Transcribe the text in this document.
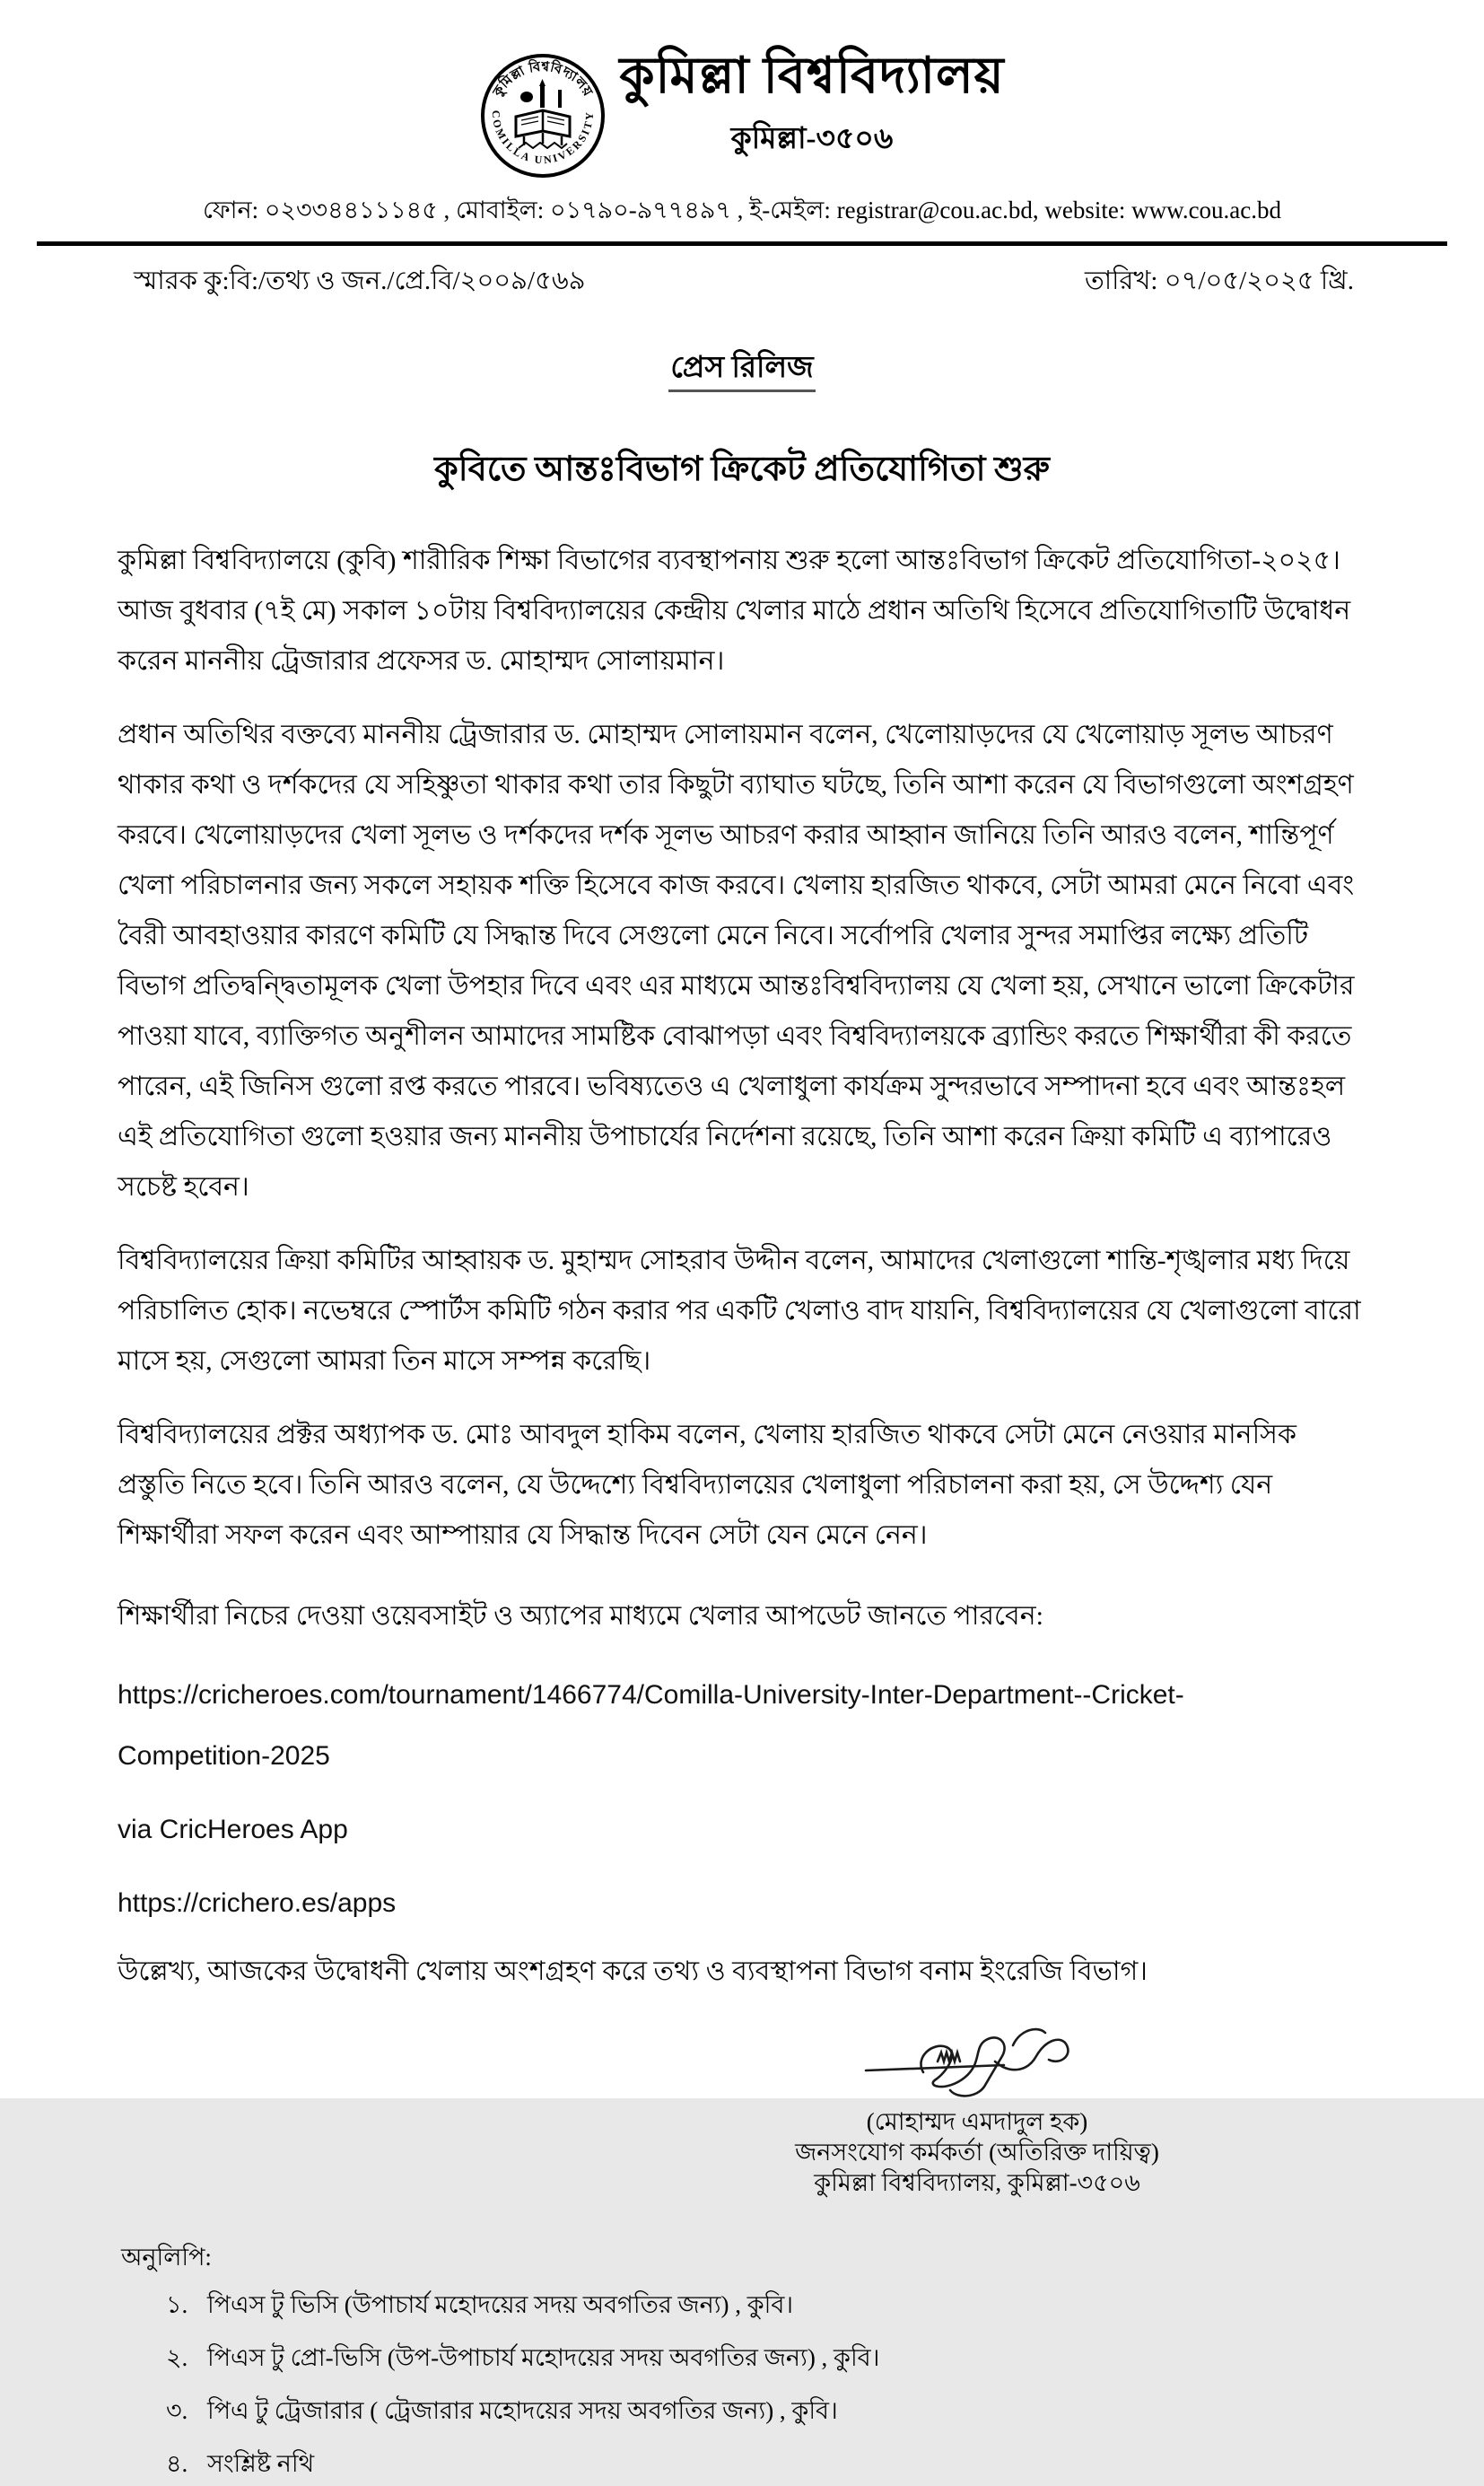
কুমিল্লা বিশ্ববিদ্যালয়
COMILLA UNIVERSITY
কুমিল্লা বিশ্ববিদ্যালয়
কুমিল্লা-৩৫০৬
ফোন: ০২৩৩৪৪১১১৪৫ , মোবাইল: ০১৭৯০-৯৭৭৪৯৭ , ই-মেইল: registrar@cou.ac.bd, website: www.cou.ac.bd
স্মারক কু:বি:/তথ্য ও জন./প্রে.বি/২০০৯/৫৬৯	তারিখ: ০৭/০৫/২০২৫ খ্রি.
প্রেস রিলিজ
কুবিতে আন্তঃবিভাগ ক্রিকেট প্রতিযোগিতা শুরু

কুমিল্লা বিশ্ববিদ্যালয়ে (কুবি) শারীরিক শিক্ষা বিভাগের ব্যবস্থাপনায় শুরু হলো আন্তঃবিভাগ ক্রিকেট প্রতিযোগিতা-২০২৫। আজ বুধবার (৭ই মে) সকাল ১০টায় বিশ্ববিদ্যালয়ের কেন্দ্রীয় খেলার মাঠে প্রধান অতিথি হিসেবে প্রতিযোগিতাটি উদ্বোধন করেন মাননীয় ট্রেজারার প্রফেসর ড. মোহাম্মদ সোলায়মান।

প্রধান অতিথির বক্তব্যে মাননীয় ট্রেজারার ড. মোহাম্মদ সোলায়মান বলেন, খেলোয়াড়দের যে খেলোয়াড় সূলভ আচরণ থাকার কথা ও দর্শকদের যে সহিষ্ণুতা থাকার কথা তার কিছুটা ব্যাঘাত ঘটছে, তিনি আশা করেন যে বিভাগগুলো অংশগ্রহণ করবে। খেলোয়াড়দের খেলা সূলভ ও দর্শকদের দর্শক সূলভ আচরণ করার আহ্বান জানিয়ে তিনি আরও বলেন, শান্তিপূর্ণ খেলা পরিচালনার জন্য সকলে সহায়ক শক্তি হিসেবে কাজ করবে। খেলায় হারজিত থাকবে, সেটা আমরা মেনে নিবো এবং বৈরী আবহাওয়ার কারণে কমিটি যে সিদ্ধান্ত দিবে সেগুলো মেনে নিবে। সর্বোপরি খেলার সুন্দর সমাপ্তির লক্ষ্যে প্রতিটি বিভাগ প্রতিদ্বন্দ্বিতামূলক খেলা উপহার দিবে এবং এর মাধ্যমে আন্তঃবিশ্ববিদ্যালয় যে খেলা হয়, সেখানে ভালো ক্রিকেটার পাওয়া যাবে, ব্যাক্তিগত অনুশীলন আমাদের সামষ্টিক বোঝাপড়া এবং বিশ্ববিদ্যালয়কে ব্র্যান্ডিং করতে শিক্ষার্থীরা কী করতে পারেন, এই জিনিস গুলো রপ্ত করতে পারবে। ভবিষ্যতেও এ খেলাধুলা কার্যক্রম সুন্দরভাবে সম্পাদনা হবে এবং আন্তঃহল এই প্রতিযোগিতা গুলো হওয়ার জন্য মাননীয় উপাচার্যের নির্দেশনা রয়েছে, তিনি আশা করেন ক্রিয়া কমিটি এ ব্যাপারেও সচেষ্ট হবেন।

বিশ্ববিদ্যালয়ের ক্রিয়া কমিটির আহ্বায়ক ড. মুহাম্মদ সোহরাব উদ্দীন বলেন, আমাদের খেলাগুলো শান্তি-শৃঙ্খলার মধ্য দিয়ে পরিচালিত হোক। নভেম্বরে স্পোর্টস কমিটি গঠন করার পর একটি খেলাও বাদ যায়নি, বিশ্ববিদ্যালয়ের যে খেলাগুলো বারো মাসে হয়, সেগুলো আমরা তিন মাসে সম্পন্ন করেছি।

বিশ্ববিদ্যালয়ের প্রক্টর অধ্যাপক ড. মোঃ আবদুল হাকিম বলেন, খেলায় হারজিত থাকবে সেটা মেনে নেওয়ার মানসিক প্রস্তুতি নিতে হবে। তিনি আরও বলেন, যে উদ্দেশ্যে বিশ্ববিদ্যালয়ের খেলাধুলা পরিচালনা করা হয়, সে উদ্দেশ্য যেন শিক্ষার্থীরা সফল করেন এবং আম্পায়ার যে সিদ্ধান্ত দিবেন সেটা যেন মেনে নেন।

শিক্ষার্থীরা নিচের দেওয়া ওয়েবসাইট ও অ্যাপের মাধ্যমে খেলার আপডেট জানতে পারবেন:

https://cricheroes.com/tournament/1466774/Comilla-University-Inter-Department--Cricket-
Competition-2025

via CricHeroes App

https://crichero.es/apps

উল্লেখ্য, আজকের উদ্বোধনী খেলায় অংশগ্রহণ করে তথ্য ও ব্যবস্থাপনা বিভাগ বনাম ইংরেজি বিভাগ।

(মোহাম্মদ এমদাদুল হক)
জনসংযোগ কর্মকর্তা (অতিরিক্ত দায়িত্ব)
কুমিল্লা বিশ্ববিদ্যালয়, কুমিল্লা-৩৫০৬
অনুলিপি:
১. পিএস টু ভিসি (উপাচার্য মহোদয়ের সদয় অবগতির জন্য) , কুবি।
২. পিএস টু প্রো-ভিসি (উপ-উপাচার্য মহোদয়ের সদয় অবগতির জন্য) , কুবি।
৩. পিএ টু ট্রেজারার ( ট্রেজারার মহোদয়ের সদয় অবগতির জন্য) , কুবি।
৪. সংশ্লিষ্ট নথি
